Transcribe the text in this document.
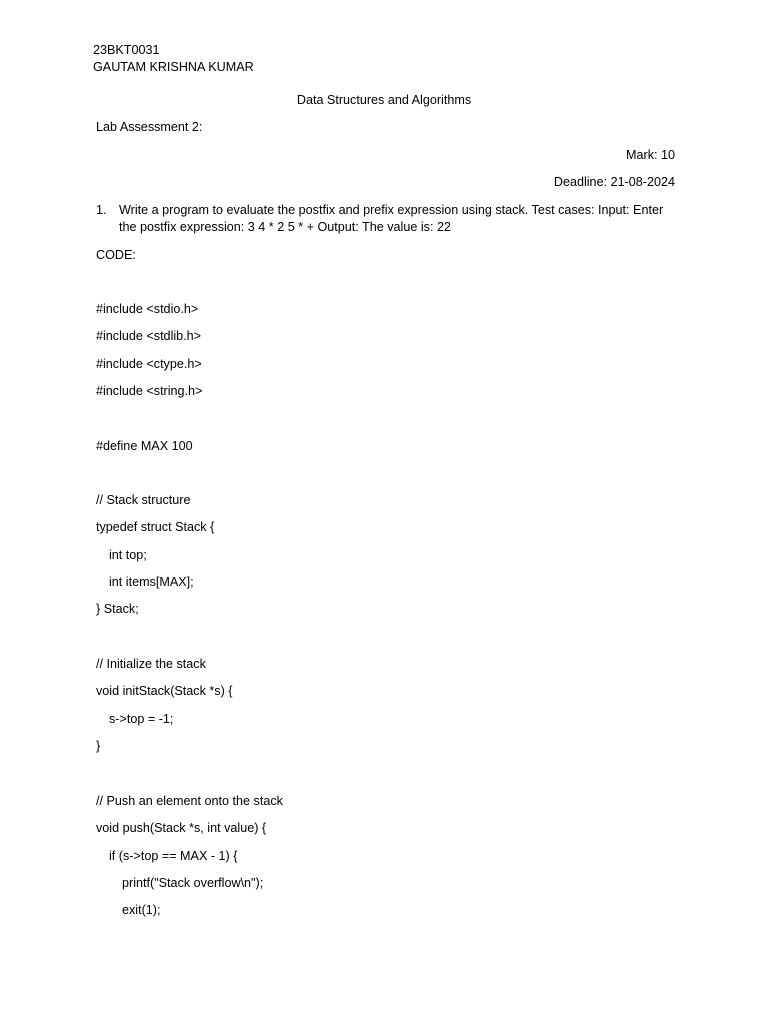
23BKT0031
GAUTAM KRISHNA KUMAR
Data Structures and Algorithms
Lab Assessment 2:
Mark: 10
Deadline: 21-08-2024
1. Write a program to evaluate the postfix and prefix expression using stack. Test cases: Input: Enter the postfix expression: 3 4 * 2 5 * + Output: The value is: 22
CODE:
#include <stdio.h>
#include <stdlib.h>
#include <ctype.h>
#include <string.h>
#define MAX 100
// Stack structure
typedef struct Stack {
int top;
int items[MAX];
} Stack;
// Initialize the stack
void initStack(Stack *s) {
s->top = -1;
}
// Push an element onto the stack
void push(Stack *s, int value) {
if (s->top == MAX - 1) {
printf("Stack overflow\n");
exit(1);
